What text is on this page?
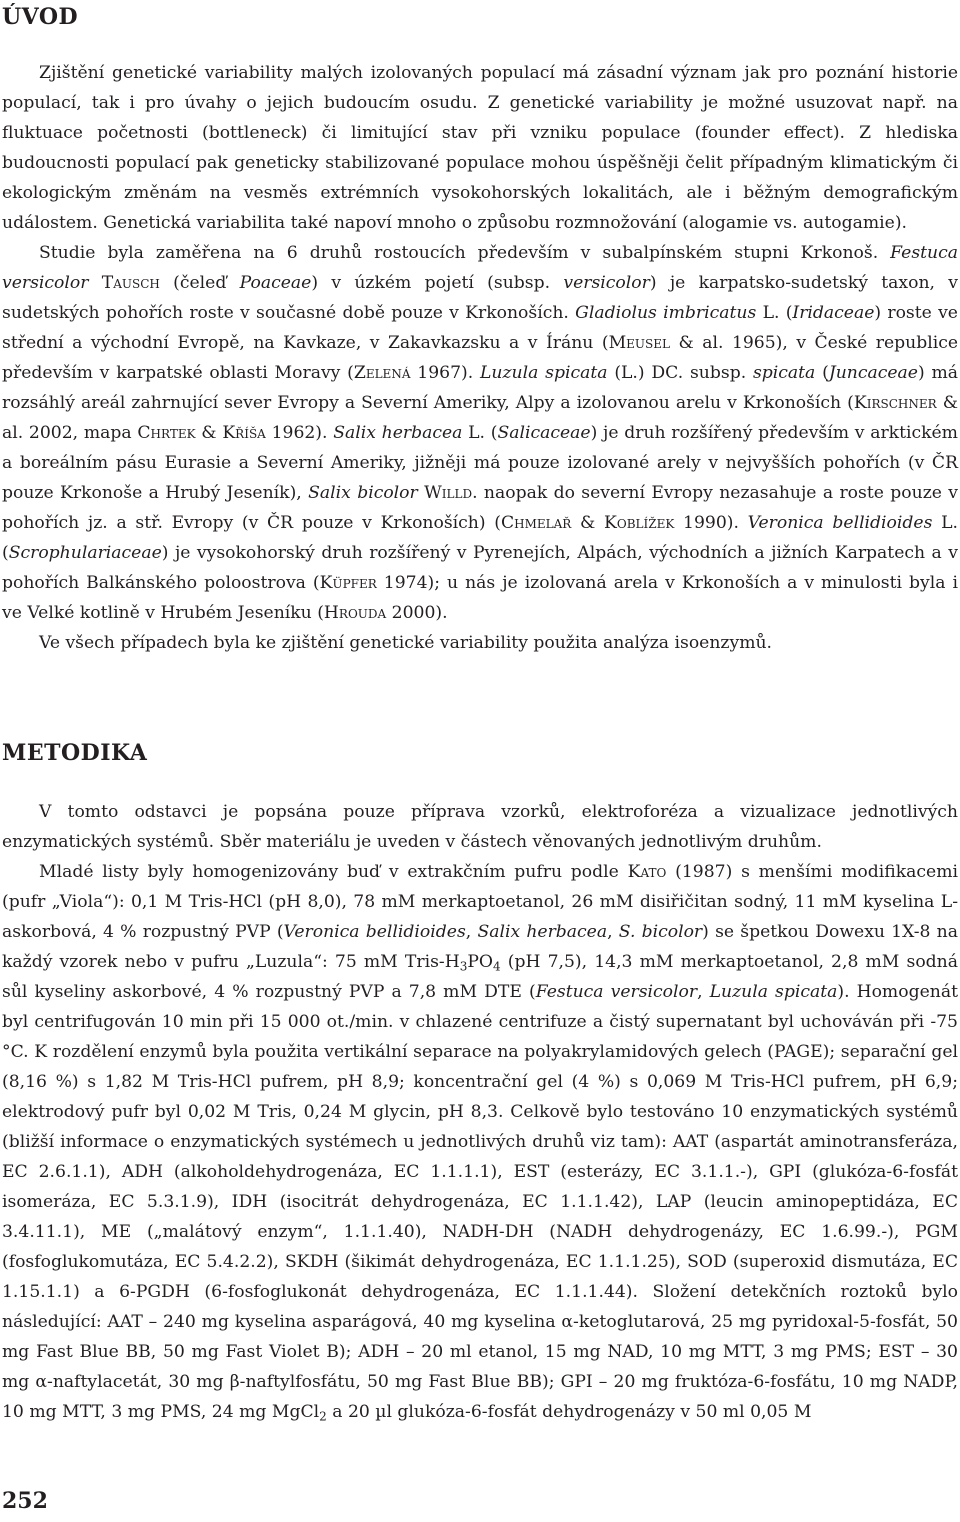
ÚVOD

Zjištění genetické variability malých izolovaných populací má zásadní význam jak pro poznání historie populací, tak i pro úvahy o jejich budoucím osudu. Z genetické variability je možné usuzovat např. na fluktuace početnosti (bottleneck) či limitující stav při vzniku populace (founder effect). Z hlediska budoucnosti populací pak geneticky stabilizované populace mohou úspěšněji čelit případným klimatickým či ekologickým změnám na vesměs extrémních vysokohorských lokalitách, ale i běžným demografickým událostem. Genetická variabilita také napoví mnoho o způsobu rozmnožování (alogamie vs. autogamie).

Studie byla zaměřena na 6 druhů rostoucích především v subalpínském stupni Krkonoš. Festuca versicolor Tausch (čeleď Poaceae) v úzkém pojetí (subsp. versicolor) je karpatsko-sudetský taxon, v sudetských pohořích roste v současné době pouze v Krkonoších. Gladiolus imbricatus L. (Iridaceae) roste ve střední a východní Evropě, na Kavkaze, v Zakavkazsku a v Íránu (Meusel & al. 1965), v České republice především v karpatské oblasti Moravy (Zelená 1967). Luzula spicata (L.) DC. subsp. spicata (Juncaceae) má rozsáhlý areál zahrnující sever Evropy a Severní Ameriky, Alpy a izolovanou arelu v Krkonoších (Kirschner & al. 2002, mapa Chrtek & Kříša 1962). Salix herbacea L. (Salicaceae) je druh rozšířený především v arktickém a boreálním pásu Eurasie a Severní Ameriky, jižněji má pouze izolované arely v nejvyšších pohořích (v ČR pouze Krkonoše a Hrubý Jeseník), Salix bicolor Willd. naopak do severní Evropy nezasahuje a roste pouze v pohořích jz. a stř. Evropy (v ČR pouze v Krkonoších) (Chmelař & Koblížek 1990). Veronica bellidioides L. (Scrophulariaceae) je vysokohorský druh rozšířený v Pyrenejích, Alpách, východních a jižních Karpatech a v pohořích Balkánského poloostrova (Küpfer 1974); u nás je izolovaná arela v Krkonoších a v minulosti byla i ve Velké kotlině v Hrubém Jeseníku (Hrouda 2000).

Ve všech případech byla ke zjištění genetické variability použita analýza isoenzymů.

METODIKA

V tomto odstavci je popsána pouze příprava vzorků, elektroforéza a vizualizace jednotlivých enzymatických systémů. Sběr materiálu je uveden v částech věnovaných jednotlivým druhům.

Mladé listy byly homogenizovány buď v extrakčním pufru podle Kato (1987) s menšími modifikacemi (pufr „Viola“): 0,1 M Tris-HCl (pH 8,0), 78 mM merkaptoetanol, 26 mM disiřičitan sodný, 11 mM kyselina L-askorbová, 4 % rozpustný PVP (Veronica bellidioides, Salix herbacea, S. bicolor) se špetkou Dowexu 1X-8 na každý vzorek nebo v pufru „Luzula“: 75 mM Tris-$H_3PO_4$ (pH 7,5), 14,3 mM merkaptoetanol, 2,8 mM sodná sůl kyseliny askorbové, 4 % rozpustný PVP a 7,8 mM DTE (Festuca versicolor, Luzula spicata). Homogenát byl centrifugován 10 min při 15 000 ot./min. v chlazené centrifuze a čistý supernatant byl uchováván při -75 °C. K rozdělení enzymů byla použita vertikální separace na polyakrylamidových gelech (PAGE); separační gel (8,16 %) s 1,82 M Tris-HCl pufrem, pH 8,9; koncentrační gel (4 %) s 0,069 M Tris-HCl pufrem, pH 6,9; elektrodový pufr byl 0,02 M Tris, 0,24 M glycin, pH 8,3. Celkově bylo testováno 10 enzymatických systémů (bližší informace o enzymatických systémech u jednotlivých druhů viz tam): AAT (aspartát aminotransferáza, EC 2.6.1.1), ADH (alkoholdehydrogenáza, EC 1.1.1.1), EST (esterázy, EC 3.1.1.-), GPI (glukóza-6-fosfát isomeráza, EC 5.3.1.9), IDH (isocitrát dehydrogenáza, EC 1.1.1.42), LAP (leucin aminopeptidáza, EC 3.4.11.1), ME („malátový enzym“, 1.1.1.40), NADH-DH (NADH dehydrogenázy, EC 1.6.99.-), PGM (fosfoglukomutáza, EC 5.4.2.2), SKDH (šikimát dehydrogenáza, EC 1.1.1.25), SOD (superoxid dismutáza, EC 1.15.1.1) a 6-PGDH (6-fosfoglukonát dehydrogenáza, EC 1.1.1.44). Složení detekčních roztoků bylo následující: AAT – 240 mg kyselina asparágová, 40 mg kyselina α-ketoglutarová, 25 mg pyridoxal-5-fosfát, 50 mg Fast Blue BB, 50 mg Fast Violet B); ADH – 20 ml etanol, 15 mg NAD, 10 mg MTT, 3 mg PMS; EST – 30 mg α-naftylacetát, 30 mg β-naftylfosfátu, 50 mg Fast Blue BB); GPI – 20 mg fruktóza-6-fosfátu, 10 mg NADP, 10 mg MTT, 3 mg PMS, 24 mg MgCl$_2$ a 20 µl glukóza-6-fosfát dehydrogenázy v 50 ml 0,05 M

252
